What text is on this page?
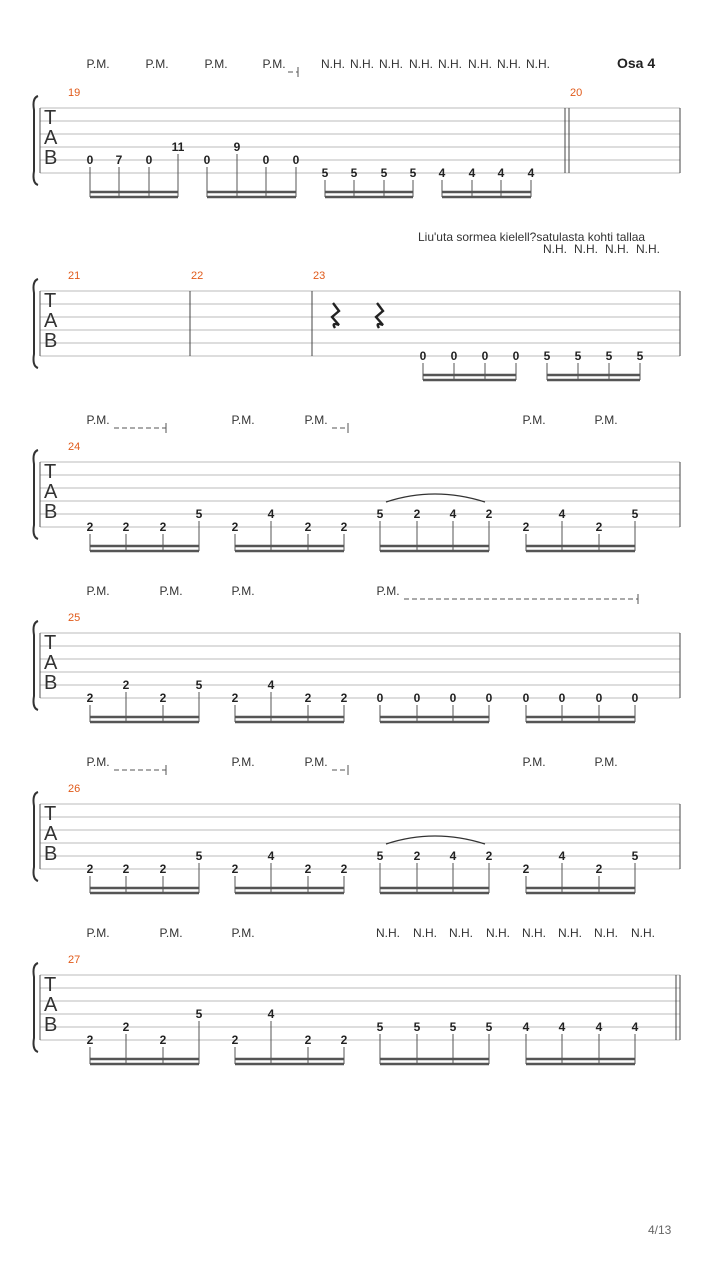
Osa 4
4/13
Liu'uta sormea kielell?satulasta kohti tallaa
T
A
B
19
0 7 0
11
0
9
0 0
5 5 5 5 4 4 4 4
20
P.M.	P.M.	P.M.	P.M.	N.H. N.H. N.H. N.H. N.H. N.H. N.H. N.H.
T
A
B
21	22	23
0 0 0 0 5 5 5 5
N.H. N.H. N.H. N.H.
T
A
B
24
2 2	2
5
2
4
2 2
5	2 4 2
2
4
2
5
P.M.	P.M.	P.M.	P.M.	P.M.
T
A
B
25
2
2
2
5
2
4
2 2 0	0 0 0	0 0	0 0
P.M.	P.M.	P.M.	P.M.
T
A
B
26
2 2	2
5
2
4
2 2
5	2 4 2
2
4
2
5
P.M.	P.M.	P.M.	P.M.	P.M.
T
A
B
27
2
2
2
5
2
4
2 2
5	5 5 5	4 4	4 4
P.M.	P.M.	P.M.	N.H. N.H. N.H. N.H. N.H. N.H. N.H. N.H.
